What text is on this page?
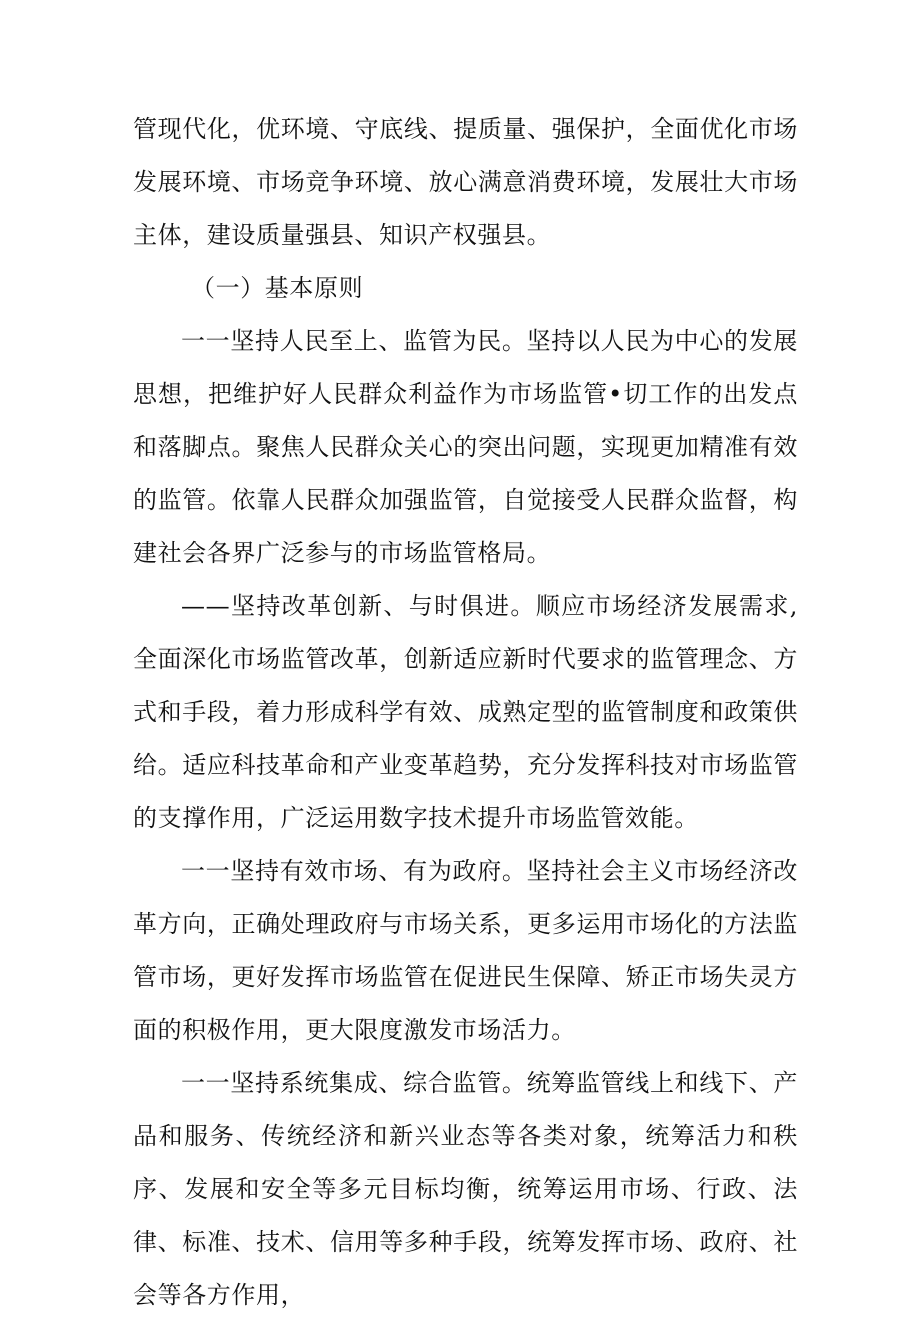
管现代化，优环境、守底线、提质量、强保护，全面优化市场发展环境、市场竞争环境、放心满意消费环境，发展壮大市场主体，建设质量强县、知识产权强县。

（一）基本原则

一一坚持人民至上、监管为民。坚持以人民为中心的发展思想，把维护好人民群众利益作为市场监管•切工作的出发点和落脚点。聚焦人民群众关心的突出问题，实现更加精准有效的监管。依靠人民群众加强监管，自觉接受人民群众监督，构建社会各界广泛参与的市场监管格局。

——坚持改革创新、与时俱进。顺应市场经济发展需求,全面深化市场监管改革，创新适应新时代要求的监管理念、方式和手段，着力形成科学有效、成熟定型的监管制度和政策供给。适应科技革命和产业变革趋势，充分发挥科技对市场监管的支撑作用，广泛运用数字技术提升市场监管效能。

一一坚持有效市场、有为政府。坚持社会主义市场经济改革方向，正确处理政府与市场关系，更多运用市场化的方法监管市场，更好发挥市场监管在促进民生保障、矫正市场失灵方面的积极作用，更大限度激发市场活力。

一一坚持系统集成、综合监管。统筹监管线上和线下、产品和服务、传统经济和新兴业态等各类对象，统筹活力和秩序、发展和安全等多元目标均衡，统筹运用市场、行政、法律、标准、技术、信用等多种手段，统筹发挥市场、政府、社会等各方作用，
